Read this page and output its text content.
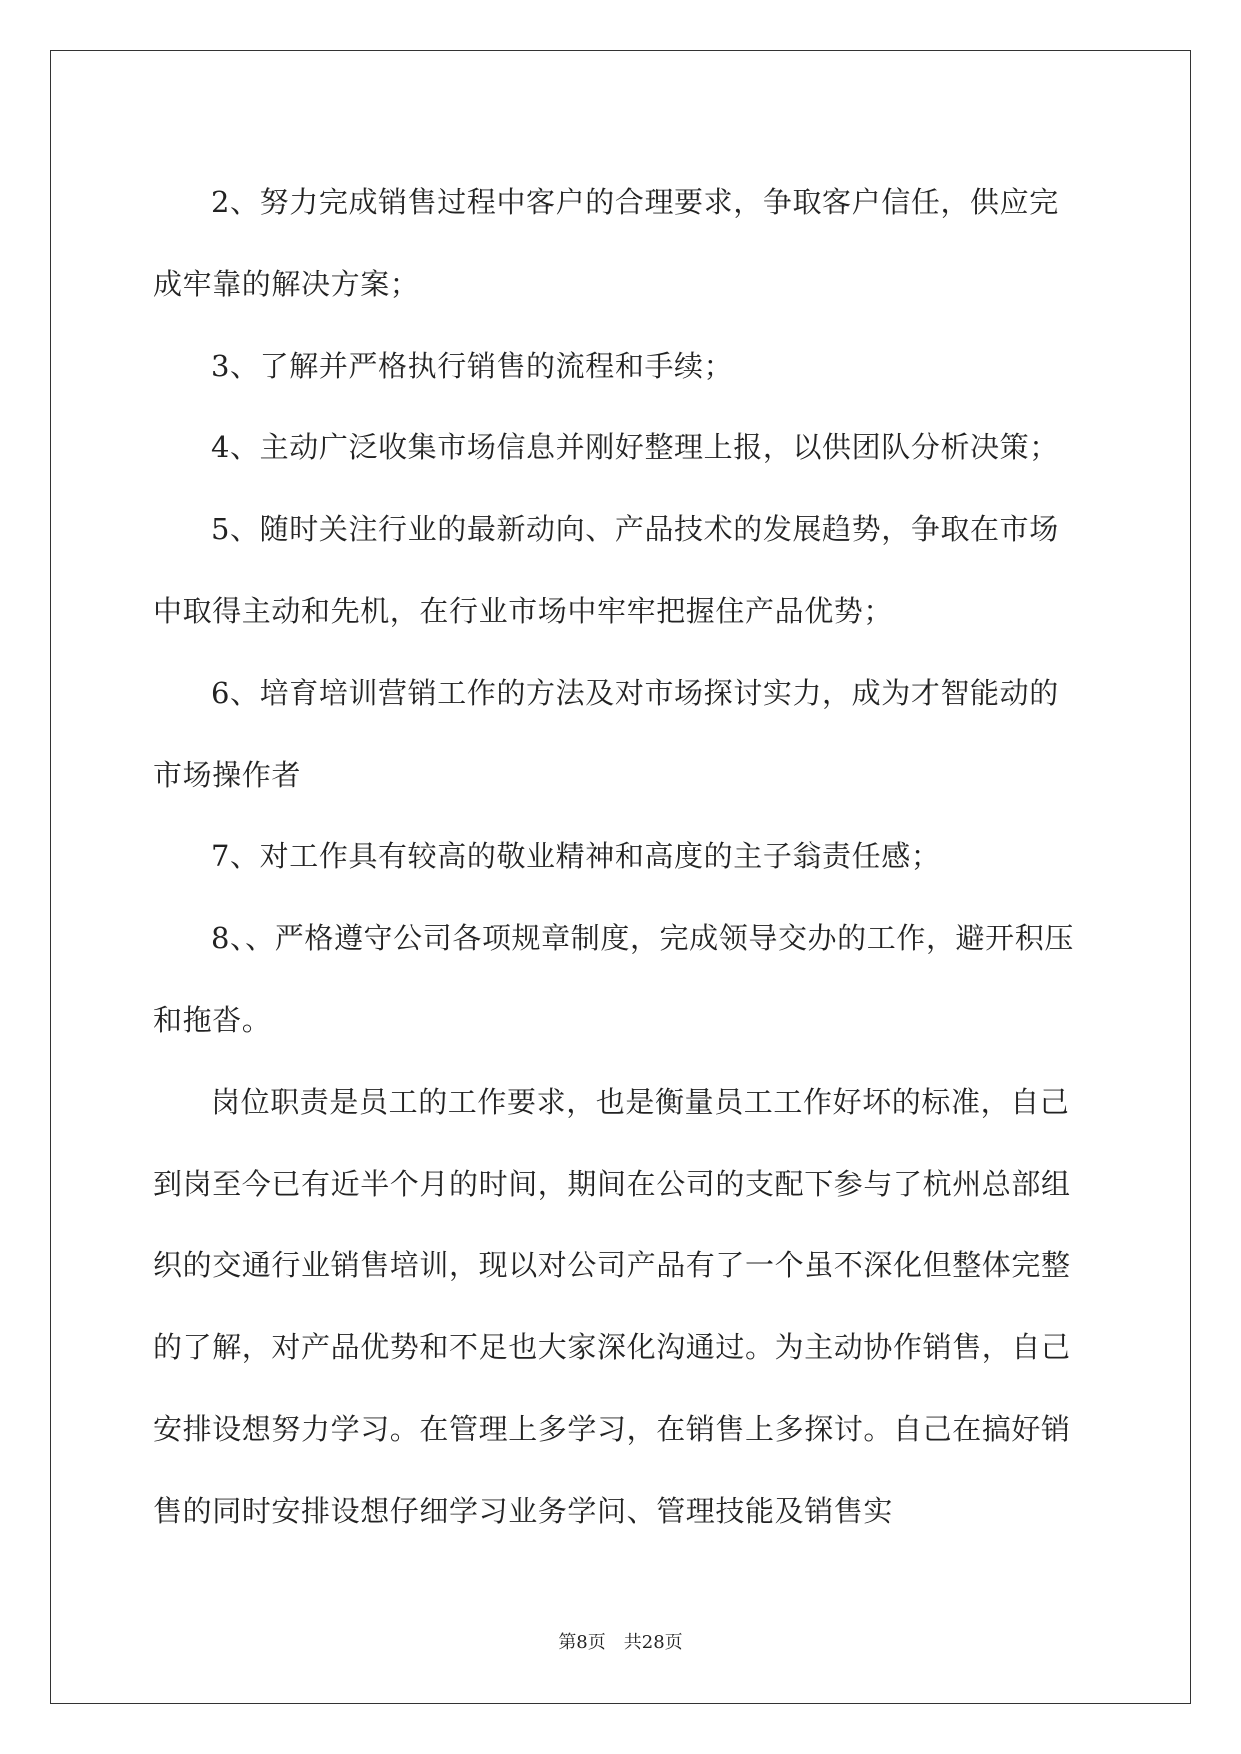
2、努力完成销售过程中客户的合理要求，争取客户信任，供应完成牢靠的解决方案；

3、了解并严格执行销售的流程和手续；

4、主动广泛收集市场信息并刚好整理上报，以供团队分析决策；

5、随时关注行业的最新动向、产品技术的发展趋势，争取在市场中取得主动和先机，在行业市场中牢牢把握住产品优势；

6、培育培训营销工作的方法及对市场探讨实力，成为才智能动的市场操作者

7、对工作具有较高的敬业精神和高度的主子翁责任感；

8、、严格遵守公司各项规章制度，完成领导交办的工作，避开积压和拖沓。

岗位职责是员工的工作要求，也是衡量员工工作好坏的标准，自己到岗至今已有近半个月的时间，期间在公司的支配下参与了杭州总部组织的交通行业销售培训，现以对公司产品有了一个虽不深化但整体完整的了解，对产品优势和不足也大家深化沟通过。为主动协作销售，自己安排设想努力学习。在管理上多学习，在销售上多探讨。自己在搞好销售的同时安排设想仔细学习业务学问、管理技能及销售实

第8页 共28页
